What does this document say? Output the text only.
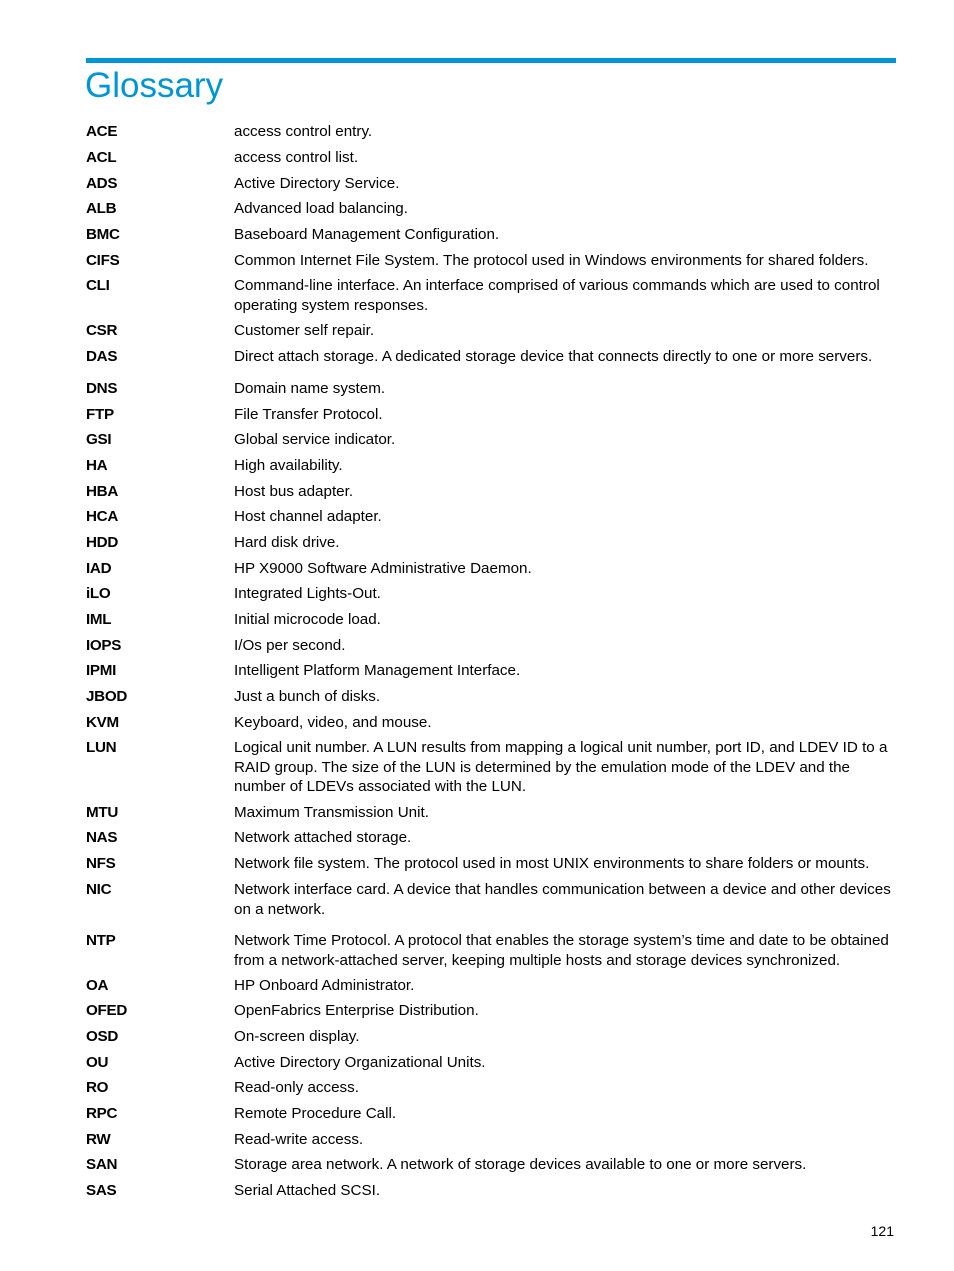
Glossary
ACE	access control entry.
ACL	access control list.
ADS	Active Directory Service.
ALB	Advanced load balancing.
BMC	Baseboard Management Configuration.
CIFS	Common Internet File System. The protocol used in Windows environments for shared folders.
CLI	Command-line interface. An interface comprised of various commands which are used to control operating system responses.
CSR	Customer self repair.
DAS	Direct attach storage. A dedicated storage device that connects directly to one or more servers.
DNS	Domain name system.
FTP	File Transfer Protocol.
GSI	Global service indicator.
HA	High availability.
HBA	Host bus adapter.
HCA	Host channel adapter.
HDD	Hard disk drive.
IAD	HP X9000 Software Administrative Daemon.
iLO	Integrated Lights-Out.
IML	Initial microcode load.
IOPS	I/Os per second.
IPMI	Intelligent Platform Management Interface.
JBOD	Just a bunch of disks.
KVM	Keyboard, video, and mouse.
LUN	Logical unit number. A LUN results from mapping a logical unit number, port ID, and LDEV ID to a RAID group. The size of the LUN is determined by the emulation mode of the LDEV and the number of LDEVs associated with the LUN.
MTU	Maximum Transmission Unit.
NAS	Network attached storage.
NFS	Network file system. The protocol used in most UNIX environments to share folders or mounts.
NIC	Network interface card. A device that handles communication between a device and other devices on a network.
NTP	Network Time Protocol. A protocol that enables the storage system’s time and date to be obtained from a network-attached server, keeping multiple hosts and storage devices synchronized.
OA	HP Onboard Administrator.
OFED	OpenFabrics Enterprise Distribution.
OSD	On-screen display.
OU	Active Directory Organizational Units.
RO	Read-only access.
RPC	Remote Procedure Call.
RW	Read-write access.
SAN	Storage area network. A network of storage devices available to one or more servers.
SAS	Serial Attached SCSI.
121
